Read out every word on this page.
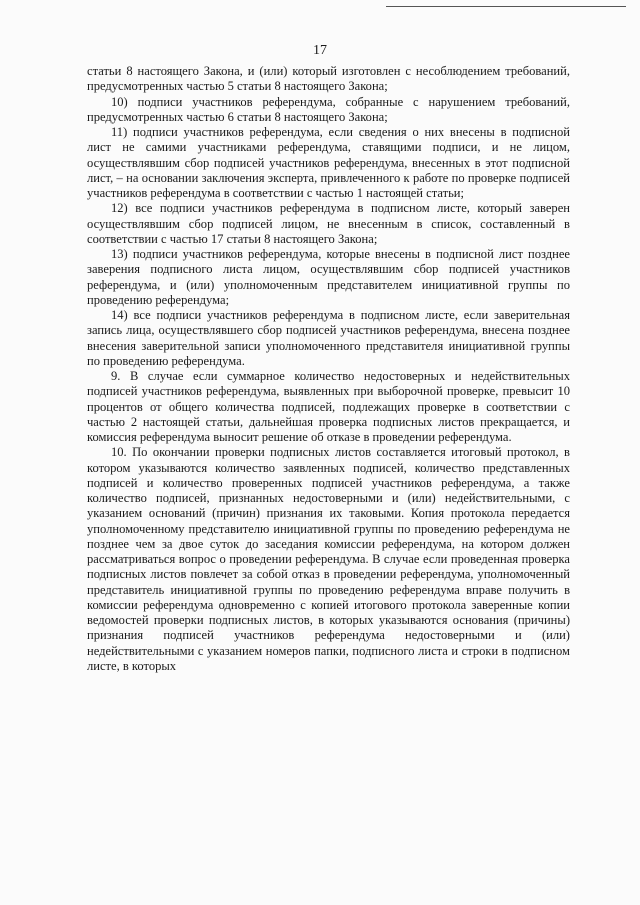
17

статьи 8 настоящего Закона, и (или) который изготовлен с несоблюдением требований, предусмотренных частью 5 статьи 8 настоящего Закона;

10) подписи участников референдума, собранные с нарушением требований, предусмотренных частью 6 статьи 8 настоящего Закона;

11) подписи участников референдума, если сведения о них внесены в подписной лист не самими участниками референдума, ставящими подписи, и не лицом, осуществлявшим сбор подписей участников референдума, внесенных в этот подписной лист, – на основании заключения эксперта, привлеченного к работе по проверке подписей участников референдума в соответствии с частью 1 настоящей статьи;

12) все подписи участников референдума в подписном листе, который заверен осуществлявшим сбор подписей лицом, не внесенным в список, составленный в соответствии с частью 17 статьи 8 настоящего Закона;

13) подписи участников референдума, которые внесены в подписной лист позднее заверения подписного листа лицом, осуществлявшим сбор подписей участников референдума, и (или) уполномоченным представителем инициативной группы по проведению референдума;

14) все подписи участников референдума в подписном листе, если заверительная запись лица, осуществлявшего сбор подписей участников референдума, внесена позднее внесения заверительной записи уполномоченного представителя инициативной группы по проведению референдума.

9. В случае если суммарное количество недостоверных и недействительных подписей участников референдума, выявленных при выборочной проверке, превысит 10 процентов от общего количества подписей, подлежащих проверке в соответствии с частью 2 настоящей статьи, дальнейшая проверка подписных листов прекращается, и комиссия референдума выносит решение об отказе в проведении референдума.

10. По окончании проверки подписных листов составляется итоговый протокол, в котором указываются количество заявленных подписей, количество представленных подписей и количество проверенных подписей участников референдума, а также количество подписей, признанных недостоверными и (или) недействительными, с указанием оснований (причин) признания их таковыми. Копия протокола передается уполномоченному представителю инициативной группы по проведению референдума не позднее чем за двое суток до заседания комиссии референдума, на котором должен рассматриваться вопрос о проведении референдума. В случае если проведенная проверка подписных листов повлечет за собой отказ в проведении референдума, уполномоченный представитель инициативной группы по проведению референдума вправе получить в комиссии референдума одновременно с копией итогового протокола заверенные копии ведомостей проверки подписных листов, в которых указываются основания (причины) признания подписей участников референдума недостоверными и (или) недействительными с указанием номеров папки, подписного листа и строки в подписном листе, в которых
